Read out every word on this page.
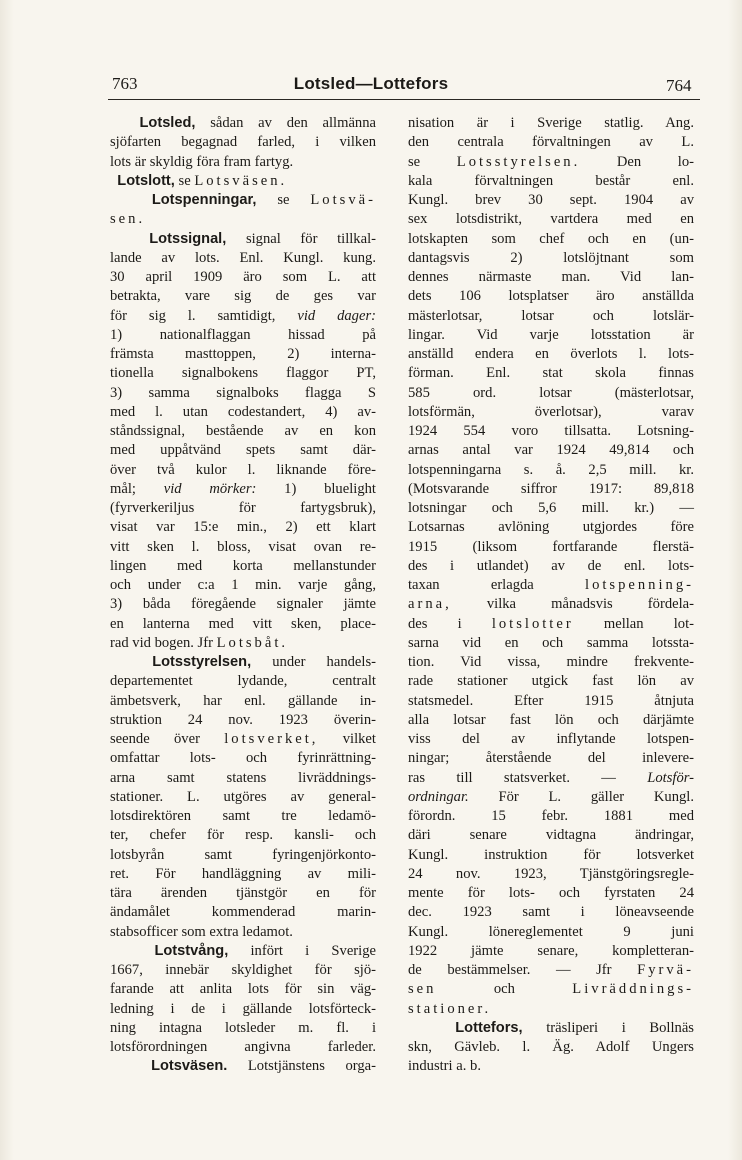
763	Lotsled—Lottefors	764
Lotsled, sådan av den allmänna
sjöfarten begagnad farled, i vilken
lots är skyldig föra fram fartyg.
Lotslott, se Lotsväsen.
Lotspenningar, se Lotsvä-
sen.
Lotssignal, signal för tillkal-
lande av lots. Enl. Kungl. kung.
30 april 1909 äro som L. att
betrakta, vare sig de ges var
för sig l. samtidigt, vid dager:
1) nationalflaggan hissad på
främsta masttoppen, 2) interna-
tionella signalbokens flaggor PT,
3) samma signalboks flagga S
med l. utan codestandert, 4) av-
ståndssignal, bestående av en kon
med uppåtvänd spets samt där-
över två kulor l. liknande före-
mål; vid mörker: 1) bluelight
(fyrverkeriljus för fartygsbruk),
visat var 15:e min., 2) ett klart
vitt sken l. bloss, visat ovan re-
lingen med korta mellanstunder
och under c:a 1 min. varje gång,
3) båda föregående signaler jämte
en lanterna med vitt sken, place-
rad vid bogen. Jfr Lotsbåt.
Lotsstyrelsen, under handels-
departementet lydande, centralt
ämbetsverk, har enl. gällande in-
struktion 24 nov. 1923 överin-
seende över lotsverket, vilket
omfattar lots- och fyrinrättning-
arna samt statens livräddnings-
stationer. L. utgöres av general-
lotsdirektören samt tre ledamö-
ter, chefer för resp. kansli- och
lotsbyrån samt fyringenjörkonto-
ret. För handläggning av mili-
tära ärenden tjänstgör en för
ändamålet kommenderad marin-
stabsofficer som extra ledamot.
Lotstvång, infört i Sverige
1667, innebär skyldighet för sjö-
farande att anlita lots för sin väg-
ledning i de i gällande lotsförteck-
ning intagna lotsleder m. fl. i
lotsförordningen angivna farleder.
Lotsväsen. Lotstjänstens orga-
nisation är i Sverige statlig. Ang.
den centrala förvaltningen av L.
se	Lotsstyrelsen.	Den lo-
kala förvaltningen består enl.
Kungl. brev 30 sept. 1904 av
sex lotsdistrikt, vartdera med en
lotskapten som chef och en (un-
dantagsvis 2) lotslöjtnant som
dennes närmaste man. Vid lan-
dets 106 lotsplatser äro anställda
mästerlotsar, lotsar och lotslär-
lingar. Vid varje lotsstation är
anställd endera en överlots l. lots-
förman. Enl. stat skola finnas
585 ord. lotsar (mästerlotsar,
lotsförmän, överlotsar), varav
1924 554 voro tillsatta. Lotsning-
arnas antal var 1924 49,814 och
lotspenningarna s. å. 2,5 mill. kr.
(Motsvarande siffror 1917: 89,818
lotsningar och 5,6 mill. kr.) —
Lotsarnas avlöning utgjordes före
1915 (liksom fortfarande flerstä-
des i utlandet) av de enl. lots-
taxan erlagda	lotspenning-
arna, vilka månadsvis fördela-
des i lotslotter mellan lot-
sarna vid en och samma lotssta-
tion. Vid vissa, mindre frekvente-
rade stationer utgick fast lön av
statsmedel. Efter 1915 åtnjuta
alla lotsar fast lön och därjämte
viss del av inflytande lotspen-
ningar; återstående del inlevere-
ras till statsverket. — Lotsför-
ordningar. För L. gäller Kungl.
förordn. 15 febr. 1881 med
däri senare vidtagna ändringar,
Kungl. instruktion för lotsverket
24 nov. 1923, Tjänstgöringsregle-
mente för lots- och fyrstaten 24
dec. 1923 samt i löneavseende
Kungl. lönereglementet 9 juni
1922 jämte senare, kompletteran-
de bestämmelser. — Jfr Fyrvä-
sen	och	Livräddnings-
stationer.
Lottefors, träsliperi i Bollnäs
skn, Gävleb. l. Äg. Adolf Ungers
industri a. b.
